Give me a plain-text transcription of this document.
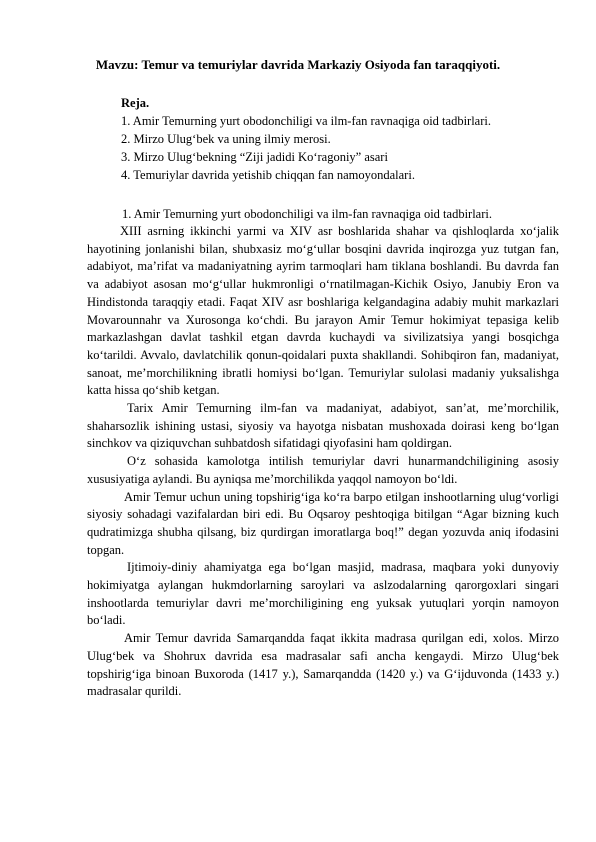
Mavzu: Temur va temuriylar davrida Markaziy Osiyoda fan taraqqiyoti.
Reja.
1. Amir Temurning yurt obodonchiligi va ilm-fan ravnaqiga oid tadbirlari.
2. Mirzo Ulug‘bek va uning ilmiy merosi.
3. Mirzo Ulug‘bekning “Ziji jadidi Ko‘ragoniy” asari
4. Temuriylar davrida yetishib chiqqan fan namoyondalari.
1. Amir Temurning yurt obodonchiligi va ilm-fan ravnaqiga oid tadbirlari.

XIII asrning ikkinchi yarmi va XIV asr boshlarida shahar va qishloqlarda xo‘jalik hayotining jonlanishi bilan, shubxasiz mo‘g‘ullar bosqini davrida inqirozga yuz tutgan fan, adabiyot, ma’rifat va madaniyatning ayrim tarmoqlari ham tiklana boshlandi. Bu davrda fan va adabiyot asosan mo‘g‘ullar hukmronligi o‘rnatilmagan-Kichik Osiyo, Janubiy Eron va Hindistonda taraqqiy etadi. Faqat XIV asr boshlariga kelgandagina adabiy muhit markazlari Movarounnahr va Xurosonga ko‘chdi. Bu jarayon Amir Temur hokimiyat tepasiga kelib markazlashgan davlat tashkil etgan davrda kuchaydi va sivilizatsiya yangi bosqichga ko‘tarildi. Avvalo, davlatchilik qonun-qoidalari puxta shakllandi. Sohibqiron fan, madaniyat, sanoat, me’morchilikning ibratli homiysi bo‘lgan. Temuriylar sulolasi madaniy yuksalishga katta hissa qo‘shib ketgan.

Tarix Amir Temurning ilm-fan va madaniyat, adabiyot, san’at, me’morchilik, shaharsozlik ishining ustasi, siyosiy va hayotga nisbatan mushoxada doirasi keng bo‘lgan sinchkov va qiziquvchan suhbatdosh sifatidagi qiyofasini ham qoldirgan.

O‘z sohasida kamolotga intilish temuriylar davri hunarmandchiligining asosiy xususiyatiga aylandi. Bu ayniqsa me’morchilikda yaqqol namoyon bo‘ldi.

Amir Temur uchun uning topshirig‘iga ko‘ra barpo etilgan inshootlarning ulug‘vorligi siyosiy sohadagi vazifalardan biri edi. Bu Oqsaroy peshtoqiga bitilgan “Agar bizning kuch qudratimizga shubha qilsang, biz qurdirgan imoratlarga boq!” degan yozuvda aniq ifodasini topgan.

Ijtimoiy-diniy ahamiyatga ega bo‘lgan masjid, madrasa, maqbara yoki dunyoviy hokimiyatga aylangan hukmdorlarning saroylari va aslzodalarning qarorgoxlari singari inshootlarda temuriylar davri me’morchiligining eng yuksak yutuqlari yorqin namoyon bo‘ladi.

Amir Temur davrida Samarqandda faqat ikkita madrasa qurilgan edi, xolos. Mirzo Ulug‘bek va Shohrux davrida esa madrasalar safi ancha kengaydi. Mirzo Ulug‘bek topshirig‘iga binoan Buxoroda (1417 y.), Samarqandda (1420 y.) va G‘ijduvonda (1433 y.) madrasalar qurildi.
